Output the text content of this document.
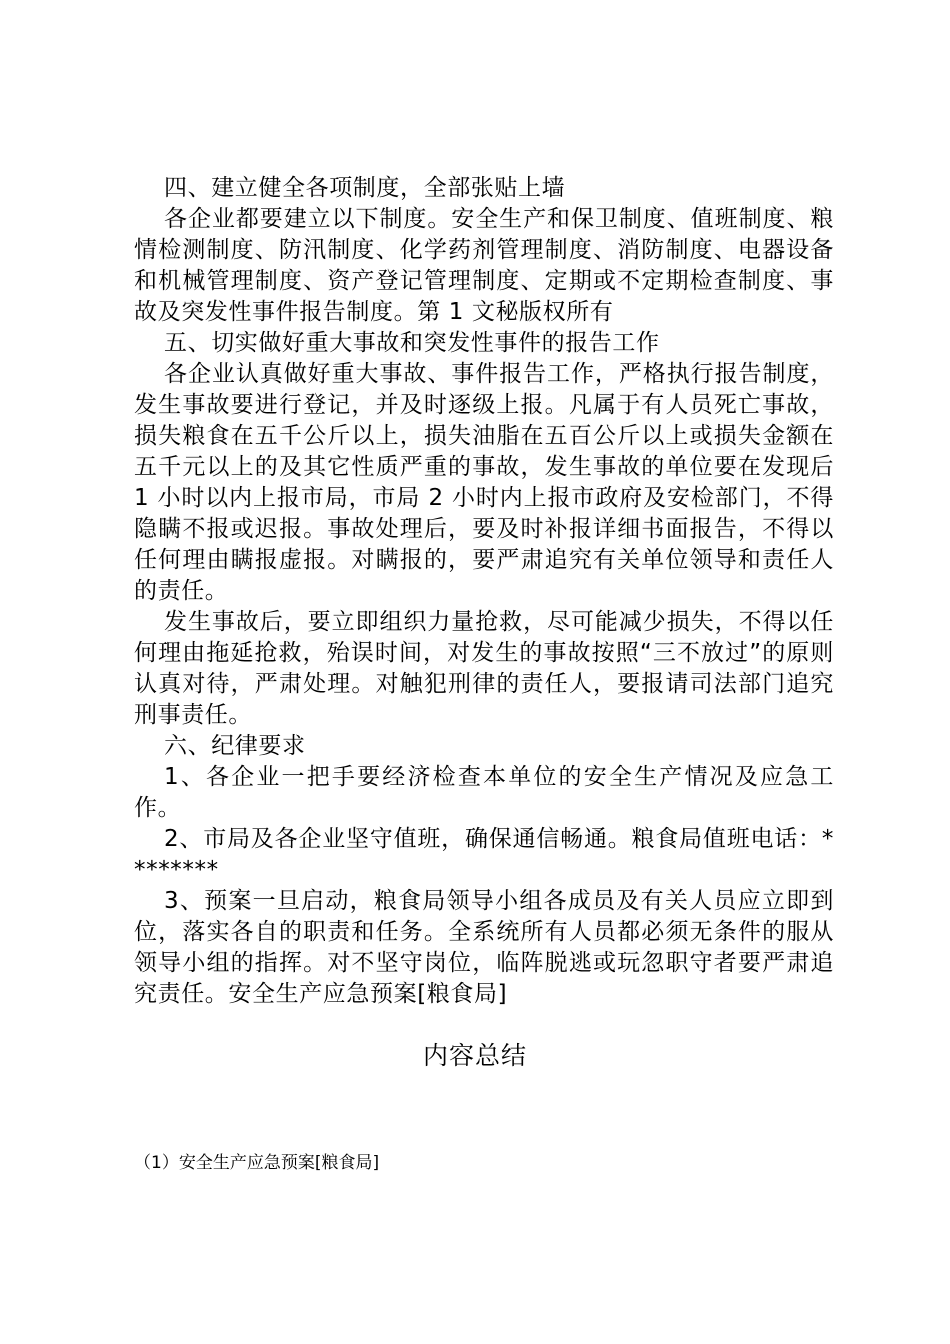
四、建立健全各项制度，全部张贴上墙

各企业都要建立以下制度。安全生产和保卫制度、值班制度、粮情检测制度、防汛制度、化学药剂管理制度、消防制度、电器设备和机械管理制度、资产登记管理制度、定期或不定期检查制度、事故及突发性事件报告制度。第 1 文秘版权所有

五、切实做好重大事故和突发性事件的报告工作

各企业认真做好重大事故、事件报告工作，严格执行报告制度，发生事故要进行登记，并及时逐级上报。凡属于有人员死亡事故，损失粮食在五千公斤以上，损失油脂在五百公斤以上或损失金额在五千元以上的及其它性质严重的事故，发生事故的单位要在发现后 1 小时以内上报市局，市局 2 小时内上报市政府及安检部门，不得隐瞒不报或迟报。事故处理后，要及时补报详细书面报告，不得以任何理由瞒报虚报。对瞒报的，要严肃追究有关单位领导和责任人的责任。

发生事故后，要立即组织力量抢救，尽可能减少损失，不得以任何理由拖延抢救，殆误时间，对发生的事故按照“三不放过”的原则认真对待，严肃处理。对触犯刑律的责任人，要报请司法部门追究刑事责任。

六、纪律要求

1、各企业一把手要经济检查本单位的安全生产情况及应急工作。

2、市局及各企业坚守值班，确保通信畅通。粮食局值班电话：********

3、预案一旦启动，粮食局领导小组各成员及有关人员应立即到位，落实各自的职责和任务。全系统所有人员都必须无条件的服从领导小组的指挥。对不坚守岗位，临阵脱逃或玩忽职守者要严肃追究责任。安全生产应急预案[粮食局]

内容总结
（1）安全生产应急预案[粮食局]
